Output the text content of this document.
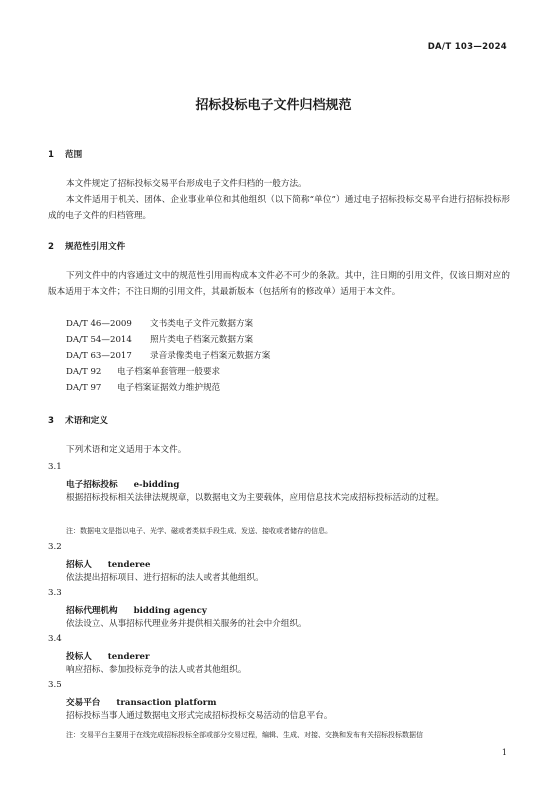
DA/T 103—2024
招标投标电子文件归档规范
1 范围
本文件规定了招标投标交易平台形成电子文件归档的一般方法。
本文件适用于机关、团体、企业事业单位和其他组织（以下简称“单位”）通过电子招标投标交易平台进行招标投标形成的电子文件的归档管理。
2 规范性引用文件
下列文件中的内容通过文中的规范性引用而构成本文件必不可少的条款。其中，注日期的引用文件，仅该日期对应的版本适用于本文件；不注日期的引用文件，其最新版本（包括所有的修改单）适用于本文件。
DA/T 46—2009 文书类电子文件元数据方案
DA/T 54—2014 照片类电子档案元数据方案
DA/T 63—2017 录音录像类电子档案元数据方案
DA/T 92 电子档案单套管理一般要求
DA/T 97 电子档案证据效力维护规范
3 术语和定义
下列术语和定义适用于本文件。
3.1
电子招标投标 e-bidding
根据招标投标相关法律法规规章，以数据电文为主要载体，应用信息技术完成招标投标活动的过程。
注：数据电文是指以电子、光学、磁或者类似手段生成、发送、接收或者储存的信息。
3.2
招标人 tenderee
依法提出招标项目、进行招标的法人或者其他组织。
3.3
招标代理机构 bidding agency
依法设立、从事招标代理业务并提供相关服务的社会中介组织。
3.4
投标人 tenderer
响应招标、参加投标竞争的法人或者其他组织。
3.5
交易平台 transaction platform
招标投标当事人通过数据电文形式完成招标投标交易活动的信息平台。
注：交易平台主要用于在线完成招标投标全部或部分交易过程，编辑、生成、对接、交换和发布有关招标投标数据信
1
